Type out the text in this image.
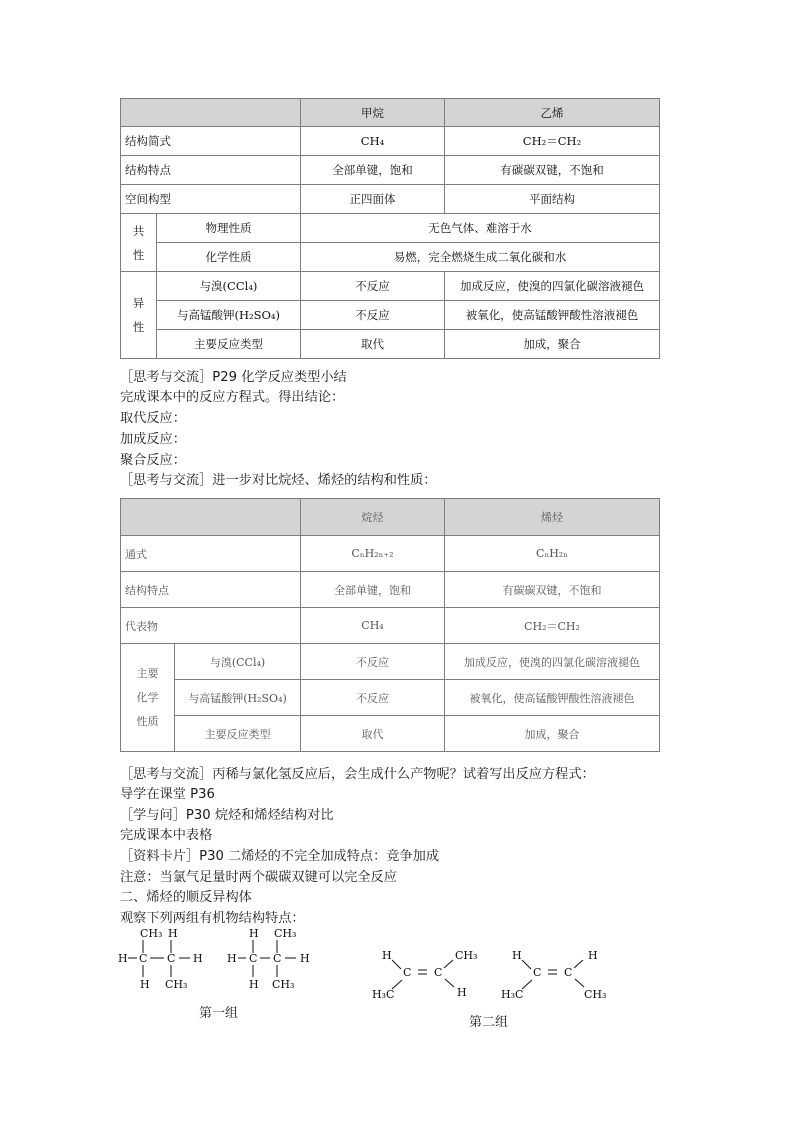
		甲烷	乙烯
结构简式		CH₄	CH₂＝CH₂
结构特点		全部单键，饱和	有碳碳双键，不饱和
空间构型		正四面体	平面结构
共
性	物理性质	无色气体、难溶于水	
	化学性质	易燃，完全燃烧生成二氧化碳和水	
异
性	与溴(CCl₄)	不反应	加成反应，使溴的四氯化碳溶液褪色
	与高锰酸钾(H₂SO₄)	不反应	被氧化，使高锰酸钾酸性溶液褪色
	主要反应类型	取代	加成，聚合
［思考与交流］P29 化学反应类型小结
完成课本中的反应方程式。得出结论：
取代反应：
加成反应：
聚合反应：
［思考与交流］进一步对比烷烃、烯烃的结构和性质：
		烷烃	烯烃
通式		CₙH₂ₙ₊₂	CₙH₂ₙ
结构特点		全部单键，饱和	有碳碳双键，不饱和
代表物		CH₄	CH₂＝CH₂
主要
化学
性质	与溴(CCl₄)	不反应	加成反应，使溴的四氯化碳溶液褪色
	与高锰酸钾(H₂SO₄)	不反应	被氧化，使高锰酸钾酸性溶液褪色
	主要反应类型	取代	加成，聚合
［思考与交流］丙稀与氯化氢反应后，会生成什么产物呢？试着写出反应方程式：
导学在课堂 P36
［学与问］P30 烷烃和烯烃结构对比
完成课本中表格
［资料卡片］P30 二烯烃的不完全加成特点：竞争加成
注意：当氯气足量时两个碳碳双键可以完全反应
二、烯烃的顺反异构体
观察下列两组有机物结构特点：
CH₃ H
H C C H
H CH₃
H CH₃
H C C H
H CH₃
第一组
H
C C
CH₃
H₃C	H
H
C C
H
H₃C	CH₃
第二组
